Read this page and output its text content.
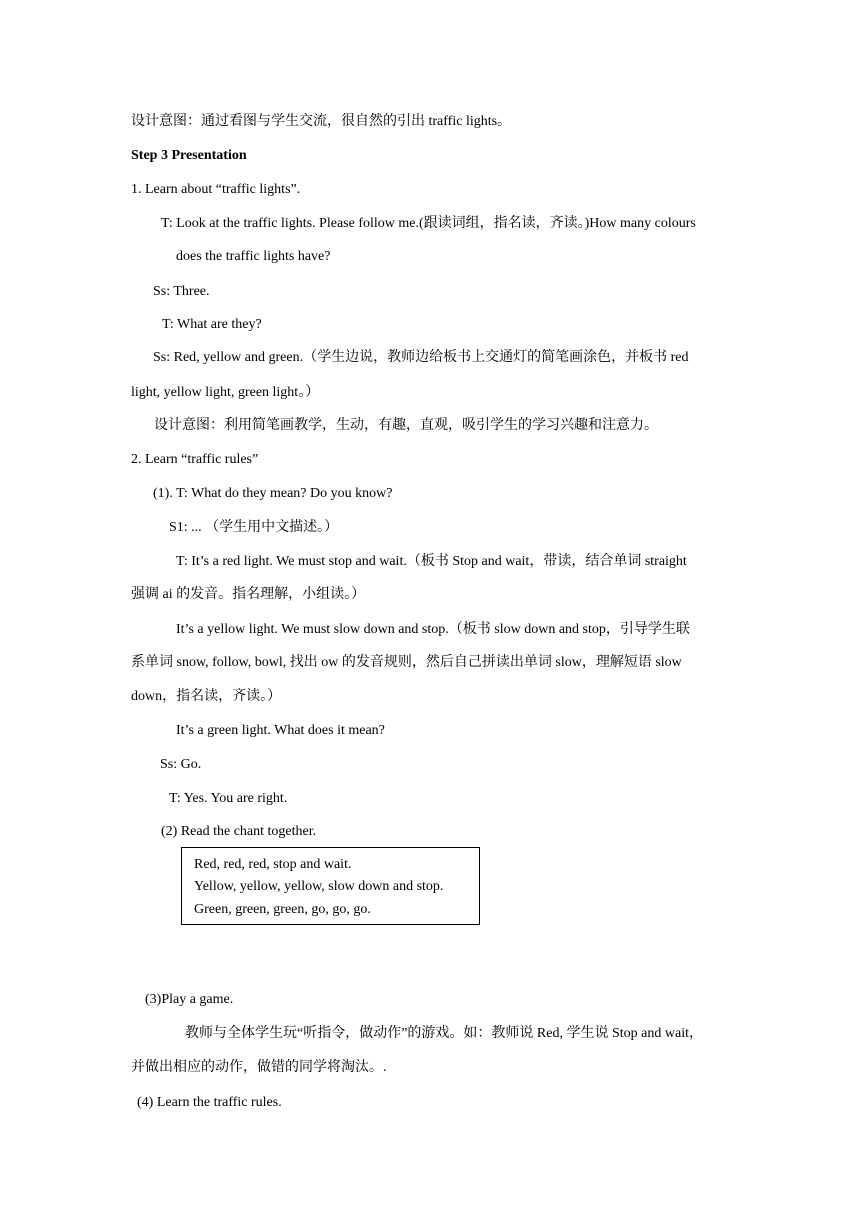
设计意图：通过看图与学生交流，很自然的引出 traffic lights。
Step 3 Presentation
1. Learn about “traffic lights”.
T: Look at the traffic lights. Please follow me.(跟读词组，指名读，齐读。)How many colours
does the traffic lights have?
Ss: Three.
T: What are they?
Ss: Red, yellow and green.（学生边说，教师边给板书上交通灯的简笔画涂色，并板书 red
light, yellow light, green light。）
设计意图：利用简笔画教学，生动，有趣，直观，吸引学生的学习兴趣和注意力。
2. Learn “traffic rules”
(1). T: What do they mean? Do you know?
S1: ... （学生用中文描述。）
T: It’s a red light. We must stop and wait.（板书 Stop and wait，带读，结合单词 straight
强调 ai 的发音。指名理解，小组读。）
It’s a yellow light. We must slow down and stop.（板书 slow down and stop，引导学生联
系单词 snow, follow, bowl, 找出 ow 的发音规则，然后自己拼读出单词 slow，理解短语 slow
down，指名读，齐读。）
It’s a green light. What does it mean?
Ss: Go.
T: Yes. You are right.
(2) Read the chant together.
Red, red, red, stop and wait.
Yellow, yellow, yellow, slow down and stop.
Green, green, green, go, go, go.
(3)Play a game.
教师与全体学生玩“听指令，做动作”的游戏。如：教师说 Red, 学生说 Stop and wait，
并做出相应的动作，做错的同学将淘汰。.
(4) Learn the traffic rules.
